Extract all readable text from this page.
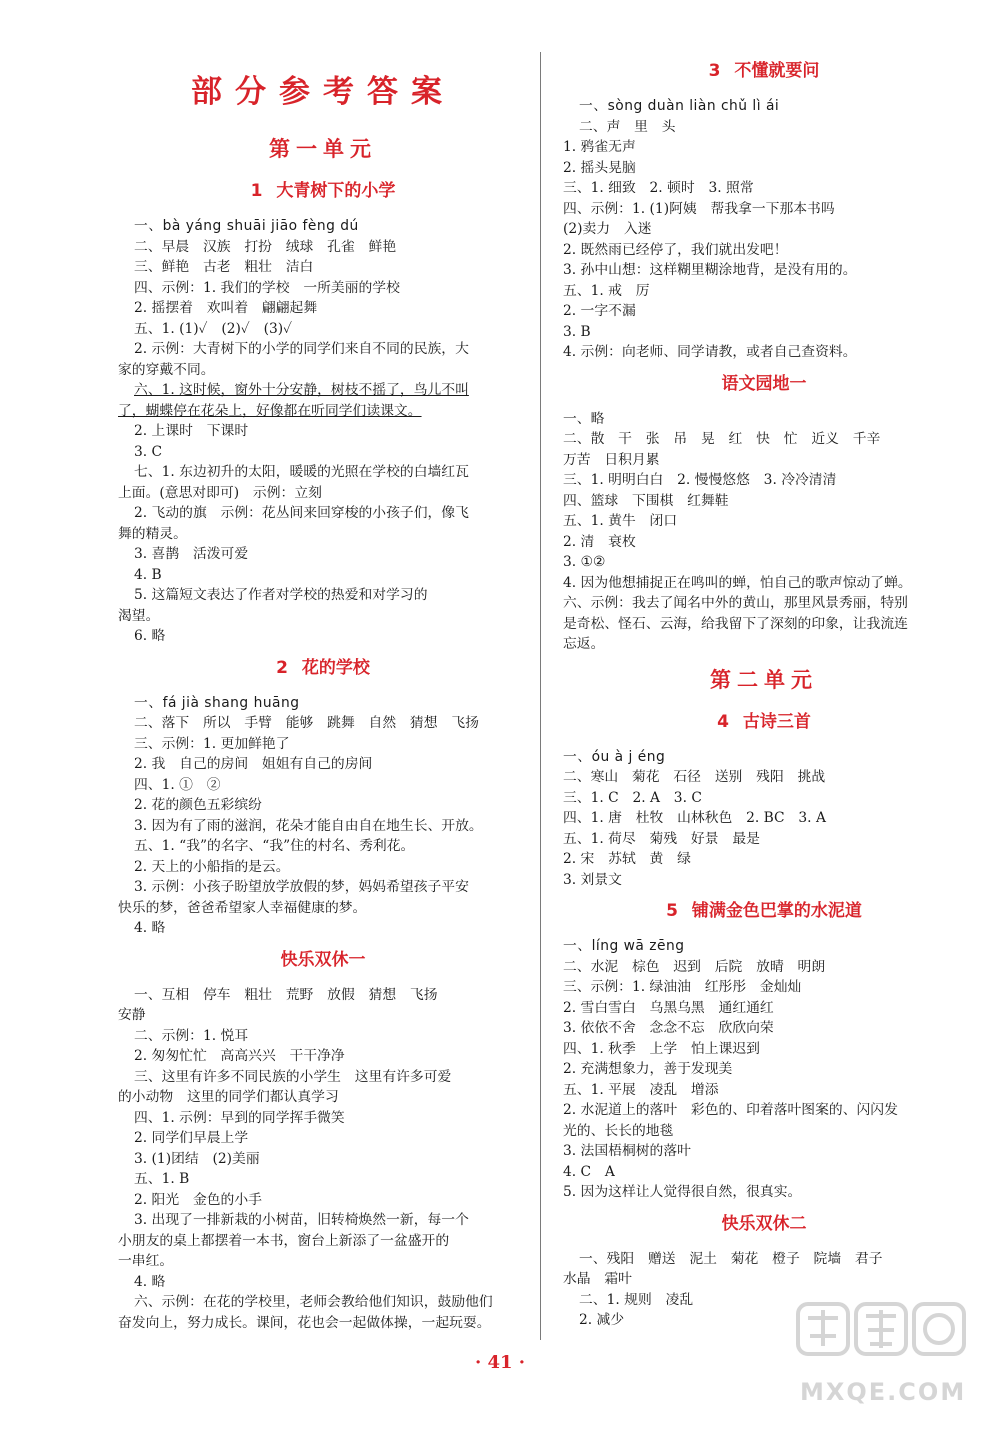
部分参考答案
第一单元
1 大青树下的小学
一、bà yáng shuāi jiāo fèng dú
二、早晨　汉族　打扮　绒球　孔雀　鲜艳
三、鲜艳　古老　粗壮　洁白
四、示例：1. 我们的学校　一所美丽的学校
2. 摇摆着　欢叫着　翩翩起舞
五、1. (1)✓　(2)✓　(3)✓
2. 示例：大青树下的小学的同学们来自不同的民族，大
家的穿戴不同。
六、1. 这时候，窗外十分安静，树枝不摇了，鸟儿不叫
了，蝴蝶停在花朵上，好像都在听同学们读课文。
2. 上课时　下课时
3. C
七、1. 东边初升的太阳，暖暖的光照在学校的白墙红瓦
上面。(意思对即可)　示例：立刻
2. 飞动的旗　示例：花丛间来回穿梭的小孩子们，像飞
舞的精灵。
3. 喜鹊　活泼可爱
4. B
5. 这篇短文表达了作者对学校的热爱和对学习的
渴望。
6. 略
2 花的学校
一、fá jià shang huāng
二、落下　所以　手臂　能够　跳舞　自然　猜想　飞扬
三、示例：1. 更加鲜艳了
2. 我　自己的房间　姐姐有自己的房间
四、1. ①　②
2. 花的颜色五彩缤纷
3. 因为有了雨的滋润，花朵才能自由自在地生长、开放。
五、1. “我”的名字、“我”住的村名、秀利花。
2. 天上的小船指的是云。
3. 示例：小孩子盼望放学放假的梦，妈妈希望孩子平安
快乐的梦，爸爸希望家人幸福健康的梦。
4. 略
快乐双休一
一、互相　停车　粗壮　荒野　放假　猜想　飞扬
安静
二、示例：1. 悦耳
2. 匆匆忙忙　高高兴兴　干干净净
三、这里有许多不同民族的小学生　这里有许多可爱
的小动物　这里的同学们都认真学习
四、1. 示例：早到的同学挥手微笑
2. 同学们早晨上学
3. (1)团结　(2)美丽
五、1. B
2. 阳光　金色的小手
3. 出现了一排新栽的小树苗，旧转椅焕然一新，每一个
小朋友的桌上都摆着一本书，窗台上新添了一盆盛开的
一串红。
4. 略
六、示例：在花的学校里，老师会教给他们知识，鼓励他们
奋发向上，努力成长。课间，花也会一起做体操，一起玩耍。
3 不懂就要问
一、sòng duàn liàn chǔ lì ái
二、声　里　头
1. 鸦雀无声
2. 摇头晃脑
三、1. 细致　2. 顿时　3. 照常
四、示例：1. (1)阿姨　帮我拿一下那本书吗
(2)卖力　入迷
2. 既然雨已经停了，我们就出发吧！
3. 孙中山想：这样糊里糊涂地背，是没有用的。
五、1. 戒　厉
2. 一字不漏
3. B
4. 示例：向老师、同学请教，或者自己查资料。
语文园地一
一、略
二、散　干　张　吊　晃　红　快　忙　近义　千辛
万苦　日积月累
三、1. 明明白白　2. 慢慢悠悠　3. 冷冷清清
四、篮球　下围棋　红舞鞋
五、1. 黄牛　闭口
2. 清　衰枚
3. ①②
4. 因为他想捕捉正在鸣叫的蝉，怕自己的歌声惊动了蝉。
六、示例：我去了闻名中外的黄山，那里风景秀丽，特别
是奇松、怪石、云海，给我留下了深刻的印象，让我流连
忘返。
第二单元
4 古诗三首
一、óu à j éng
二、寒山　菊花　石径　送别　残阳　挑战
三、1. C　2. A　3. C
四、1. 唐　杜牧　山林秋色　2. BC　3. A
五、1. 荷尽　菊残　好景　最是
2. 宋　苏轼　黄　绿
3. 刘景文
5 铺满金色巴掌的水泥道
一、líng wā zēng
二、水泥　棕色　迟到　后院　放晴　明朗
三、示例：1. 绿油油　红彤彤　金灿灿
2. 雪白雪白　乌黑乌黑　通红通红
3. 依依不舍　念念不忘　欣欣向荣
四、1. 秋季　上学　怕上课迟到
2. 充满想象力，善于发现美
五、1. 平展　凌乱　增添
2. 水泥道上的落叶　彩色的、印着落叶图案的、闪闪发
光的、长长的地毯
3. 法国梧桐树的落叶
4. C　A
5. 因为这样让人觉得很自然，很真实。
快乐双休二
一、残阳　赠送　泥土　菊花　橙子　院墙　君子
水晶　霜叶
二、1. 规则　凌乱
2. 减少
· 41 ·
MXQE.COM
